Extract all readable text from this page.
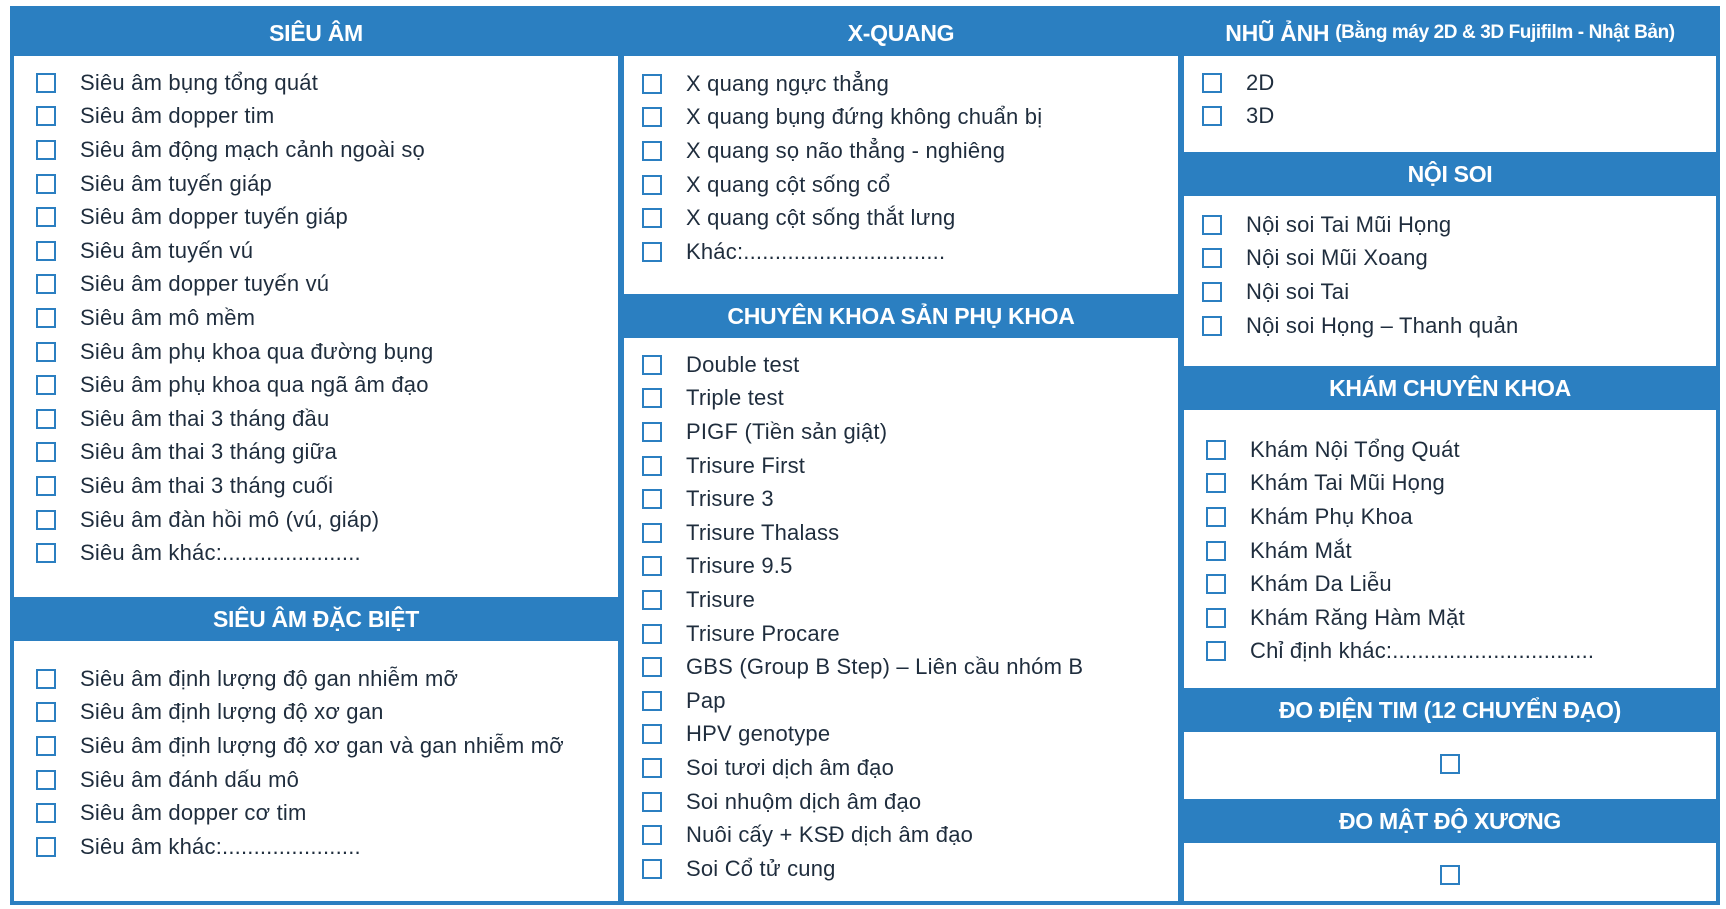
SIÊU ÂM
Siêu âm bụng tổng quát
Siêu âm dopper tim
Siêu âm động mạch cảnh ngoài sọ
Siêu âm tuyến giáp
Siêu âm dopper tuyến giáp
Siêu âm tuyến vú
Siêu âm dopper tuyến vú
Siêu âm mô mềm
Siêu âm phụ khoa qua đường bụng
Siêu âm phụ khoa qua ngã âm đạo
Siêu âm thai 3 tháng đầu
Siêu âm thai 3 tháng giữa
Siêu âm thai 3 tháng cuối
Siêu âm đàn hồi mô (vú, giáp)
Siêu âm khác:......................
SIÊU ÂM ĐẶC BIỆT
Siêu âm định lượng độ gan nhiễm mỡ
Siêu âm định lượng độ xơ gan
Siêu âm định lượng độ xơ gan và gan nhiễm mỡ
Siêu âm đánh dấu mô
Siêu âm dopper cơ tim
Siêu âm khác:......................
X-QUANG
X quang ngực thẳng
X quang bụng đứng không chuẩn bị
X quang sọ não thẳng - nghiêng
X quang cột sống cổ
X quang cột sống thắt lưng
Khác:................................
CHUYÊN KHOA SẢN PHỤ KHOA
Double test
Triple test
PIGF (Tiền sản giật)
Trisure First
Trisure 3
Trisure Thalass
Trisure 9.5
Trisure
Trisure Procare
GBS (Group B Step) – Liên cầu nhóm B
Pap
HPV genotype
Soi tươi dịch âm đạo
Soi nhuộm dịch âm đạo
Nuôi cấy + KSĐ dịch âm đạo
Soi Cổ tử cung
NHŨ ẢNH (Bằng máy 2D & 3D Fujifilm - Nhật Bản)
2D
3D
NỘI SOI
Nội soi Tai Mũi Họng
Nội soi Mũi Xoang
Nội soi Tai
Nội soi Họng – Thanh quản
KHÁM CHUYÊN KHOA
Khám Nội Tổng Quát
Khám Tai Mũi Họng
Khám Phụ Khoa
Khám Mắt
Khám Da Liễu
Khám Răng Hàm Mặt
Chỉ định khác:................................
ĐO ĐIỆN TIM (12 CHUYỂN ĐẠO)
ĐO MẬT ĐỘ XƯƠNG
